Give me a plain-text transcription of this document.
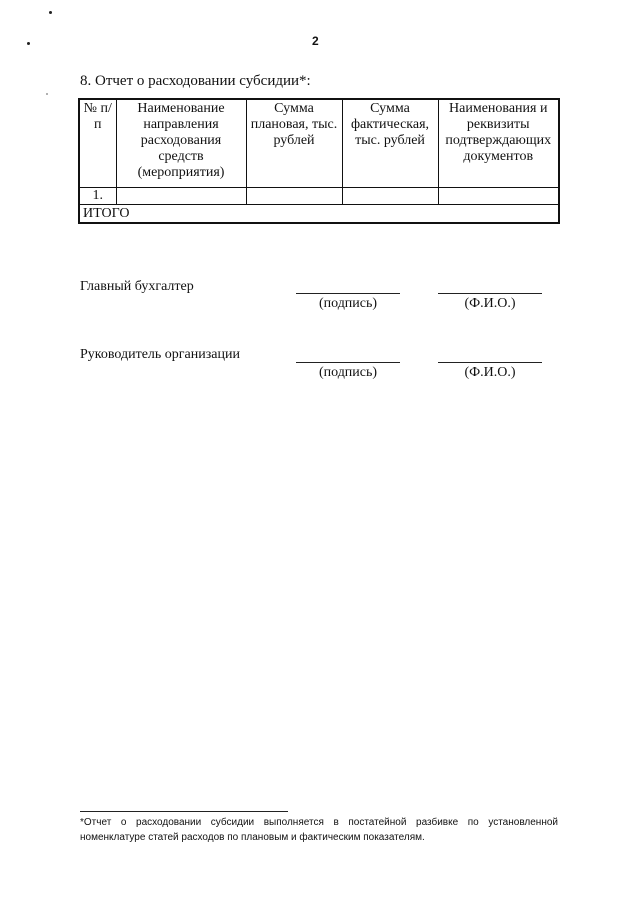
2
8. Отчет о расходовании субсидии*:
№ п/п	Наименование направления расходования средств (мероприятия)	Сумма плановая, тыс. рублей	Сумма фактическая, тыс. рублей	Наименования и реквизиты подтверждающих документов
1.				
ИТОГО				
Главный бухгалтер
(подпись)	(Ф.И.О.)
Руководитель организации
(подпись)	(Ф.И.О.)
*Отчет о расходовании субсидии выполняется в постатейной разбивке по установленной номенклатуре статей расходов по плановым и фактическим показателям.
